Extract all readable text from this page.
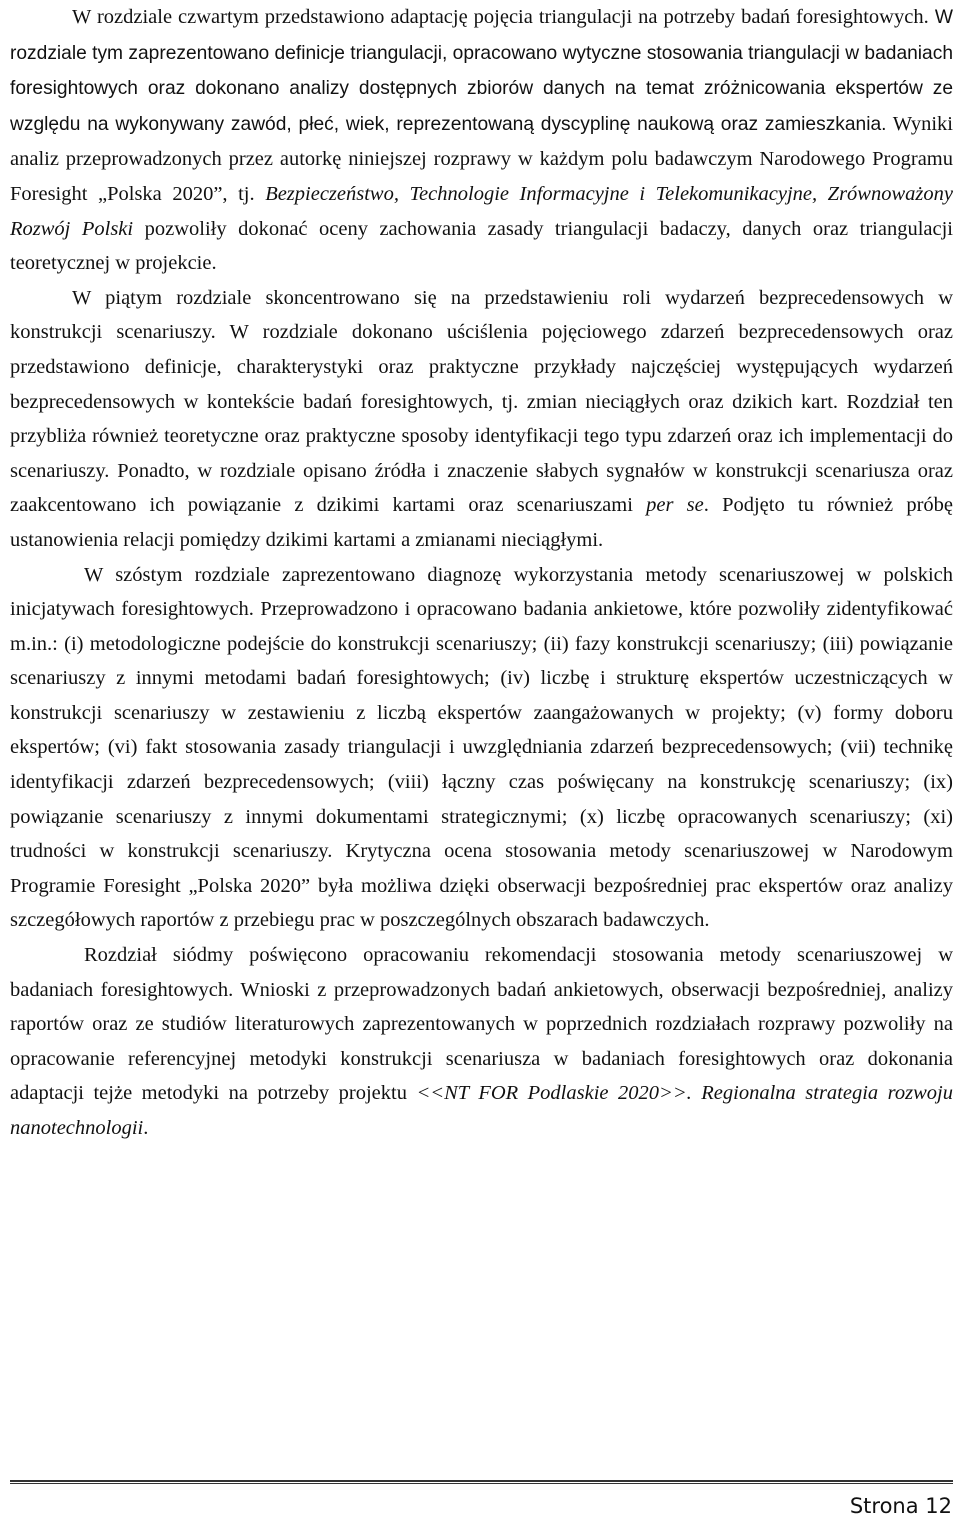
W rozdziale czwartym przedstawiono adaptację pojęcia triangulacji na potrzeby badań foresightowych. W rozdziale tym zaprezentowano definicje triangulacji, opracowano wytyczne stosowania triangulacji w badaniach foresightowych oraz dokonano analizy dostępnych zbiorów danych na temat zróżnicowania ekspertów ze względu na wykonywany zawód, płeć, wiek, reprezentowaną dyscyplinę naukową oraz zamieszkania. Wyniki analiz przeprowadzonych przez autorkę niniejszej rozprawy w każdym polu badawczym Narodowego Programu Foresight „Polska 2020”, tj. Bezpieczeństwo, Technologie Informacyjne i Telekomunikacyjne, Zrównoważony Rozwój Polski pozwoliły dokonać oceny zachowania zasady triangulacji badaczy, danych oraz triangulacji teoretycznej w projekcie.

W piątym rozdziale skoncentrowano się na przedstawieniu roli wydarzeń bezprecedensowych w konstrukcji scenariuszy. W rozdziale dokonano uściślenia pojęciowego zdarzeń bezprecedensowych oraz przedstawiono definicje, charakterystyki oraz praktyczne przykłady najczęściej występujących wydarzeń bezprecedensowych w kontekście badań foresightowych, tj. zmian nieciągłych oraz dzikich kart. Rozdział ten przybliża również teoretyczne oraz praktyczne sposoby identyfikacji tego typu zdarzeń oraz ich implementacji do scenariuszy. Ponadto, w rozdziale opisano źródła i znaczenie słabych sygnałów w konstrukcji scenariusza oraz zaakcentowano ich powiązanie z dzikimi kartami oraz scenariuszami per se. Podjęto tu również próbę ustanowienia relacji pomiędzy dzikimi kartami a zmianami nieciągłymi.

W szóstym rozdziale zaprezentowano diagnozę wykorzystania metody scenariuszowej w polskich inicjatywach foresightowych. Przeprowadzono i opracowano badania ankietowe, które pozwoliły zidentyfikować m.in.: (i) metodologiczne podejście do konstrukcji scenariuszy; (ii) fazy konstrukcji scenariuszy; (iii) powiązanie scenariuszy z innymi metodami badań foresightowych; (iv) liczbę i strukturę ekspertów uczestniczących w konstrukcji scenariuszy w zestawieniu z liczbą ekspertów zaangażowanych w projekty; (v) formy doboru ekspertów; (vi) fakt stosowania zasady triangulacji i uwzględniania zdarzeń bezprecedensowych; (vii) technikę identyfikacji zdarzeń bezprecedensowych; (viii) łączny czas poświęcany na konstrukcję scenariuszy; (ix) powiązanie scenariuszy z innymi dokumentami strategicznymi; (x) liczbę opracowanych scenariuszy; (xi) trudności w konstrukcji scenariuszy. Krytyczna ocena stosowania metody scenariuszowej w Narodowym Programie Foresight „Polska 2020” była możliwa dzięki obserwacji bezpośredniej prac ekspertów oraz analizy szczegółowych raportów z przebiegu prac w poszczególnych obszarach badawczych.

Rozdział siódmy poświęcono opracowaniu rekomendacji stosowania metody scenariuszowej w badaniach foresightowych. Wnioski z przeprowadzonych badań ankietowych, obserwacji bezpośredniej, analizy raportów oraz ze studiów literaturowych zaprezentowanych w poprzednich rozdziałach rozprawy pozwoliły na opracowanie referencyjnej metodyki konstrukcji scenariusza w badaniach foresightowych oraz dokonania adaptacji tejże metodyki na potrzeby projektu <<NT FOR Podlaskie 2020>>. Regionalna strategia rozwoju nanotechnologii.

Strona 12
